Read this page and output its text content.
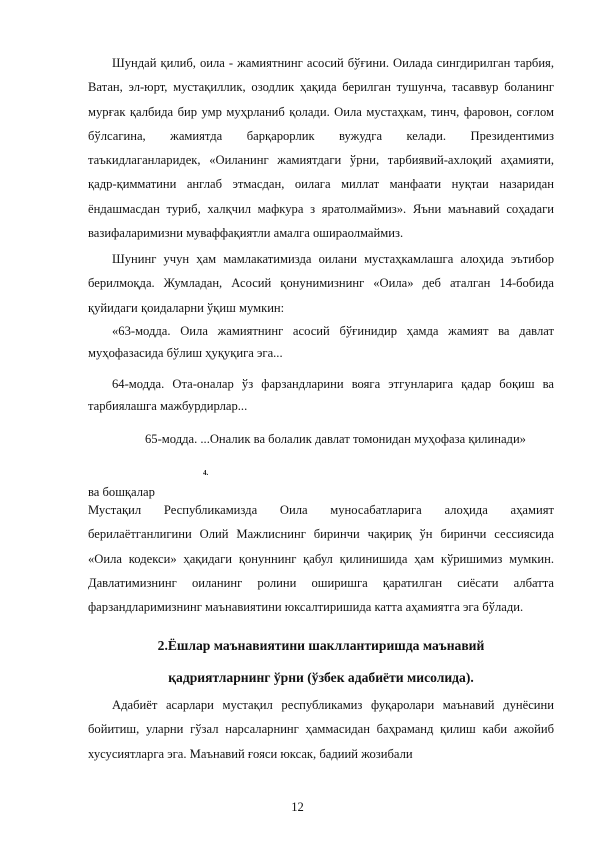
Шундай қилиб, оила - жамиятнинг асосий бўғини. Оилада сингдирилган тарбия, Ватан, эл-юрт, мустақиллик, озодлик ҳақида берилган тушунча, тасаввур боланинг мурғак қалбида бир умр муҳрланиб қолади. Оила мустаҳкам, тинч, фаровон, соғлом бўлсагина, жамиятда барқарорлик вужудга келади. Президентимиз таъкидлаганларидек, «Оиланинг жамиятдаги ўрни, тарбиявий-ахлоқий аҳамияти, қадр-қимматини англаб этмасдан, оилага миллат манфаати нуқтаи назаридан ёндашмасдан туриб, халқчил мафкура з яратолмаймиз». Яъни маънавий соҳадаги вазифаларимизни муваффақиятли амалга ошираолмаймиз.

Шунинг учун ҳам мамлакатимизда оилани мустаҳкамлашга алоҳида эътибор берилмоқда. Жумладан, Асосий қонунимизнинг «Оила» деб аталган 14-бобида қуйидаги қоидаларни ўқиш мумкин:

«63-модда. Оила жамиятнинг асосий бўғинидир ҳамда жамият ва давлат муҳофазасида бўлиш ҳуқуқига эга...

64-модда. Ота-оналар ўз фарзандларини вояга этгунларига қадар боқиш ва тарбиялашга мажбурдирлар...

65-модда. ...Оналик ва болалик давлат томонидан муҳофаза қилинади»

4.
ва бошқалар

Мустақил Республикамизда Оила муносабатларига алоҳида аҳамият берилаётганлигини Олий Мажлиснинг биринчи чақириқ ўн биринчи сессиясида «Оила кодекси» ҳақидаги қонуннинг қабул қилинишида ҳам кўришимиз мумкин. Давлатимизнинг оиланинг ролини оширишга қаратилган сиёсати албатта фарзандларимизнинг маънавиятини юксалтиришида катта аҳамиятга эга бўлади.

2.Ёшлар маънавиятини шакллантиришда маънавий

қадриятларнинг ўрни (ўзбек адабиёти мисолида).

Адабиёт асарлари мустақил республикамиз фуқаролари маънавий дунёсини бойитиш, уларни гўзал нарсаларнинг ҳаммасидан баҳраманд қилиш каби ажойиб хусусиятларга эга. Маънавий ғояси юксак, бадиий жозибали

12
